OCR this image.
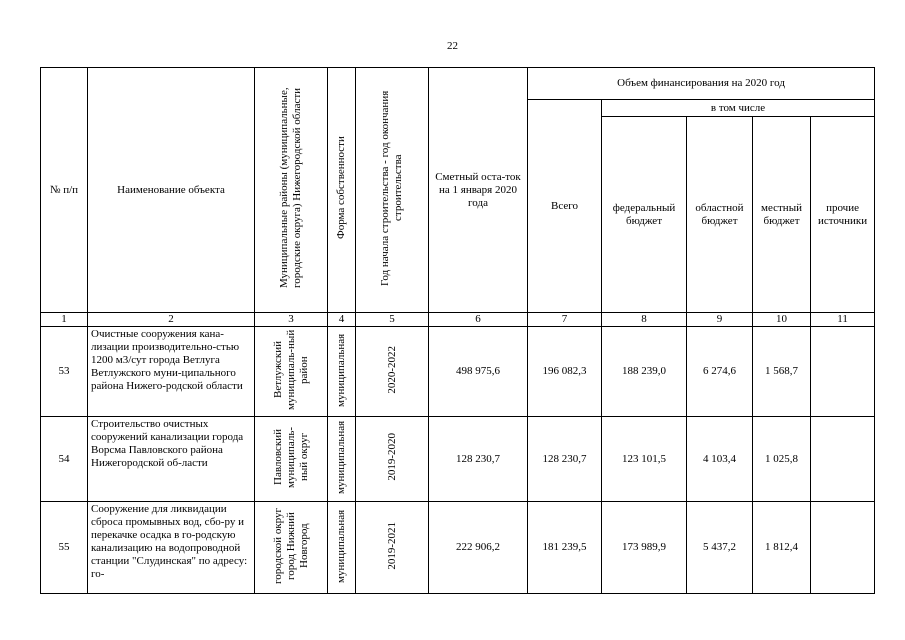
22
№ п/п	Наименование объекта	Муниципальные районы (муниципальные, городские округа) Нижегородской области	Форма собственности	Год начала строительства - год окончания строительства	Сметный оста-ток на 1 января 2020 года	Объем финансирования на 2020 год				
						Всего	в том числе			
							федеральный бюджет	областной бюджет	местный бюджет	прочие источники
1	2	3	4	5	6	7	8	9	10	11
53	Очистные сооружения кана-лизации производительно-стью 1200 м3/сут города Ветлуга Ветлужского муни-ципального района Нижего-родской области	Ветлужский муниципаль-ный район	муниципальная	2020-2022	498 975,6	196 082,3	188 239,0	6 274,6	1 568,7	
54	Строительство очистных сооружений канализации города Ворсма Павловского района Нижегородской об-ласти	Павловский муниципаль-ный округ	муниципальная	2019-2020	128 230,7	128 230,7	123 101,5	4 103,4	1 025,8	
55	Сооружение для ликвидации сброса промывных вод, сбо-ру и перекачке осадка в го-родскую канализацию на водопроводной станции "Слудинская" по адресу: го-	городской округ город Нижний Новгород	муниципальная	2019-2021	222 906,2	181 239,5	173 989,9	5 437,2	1 812,4	
